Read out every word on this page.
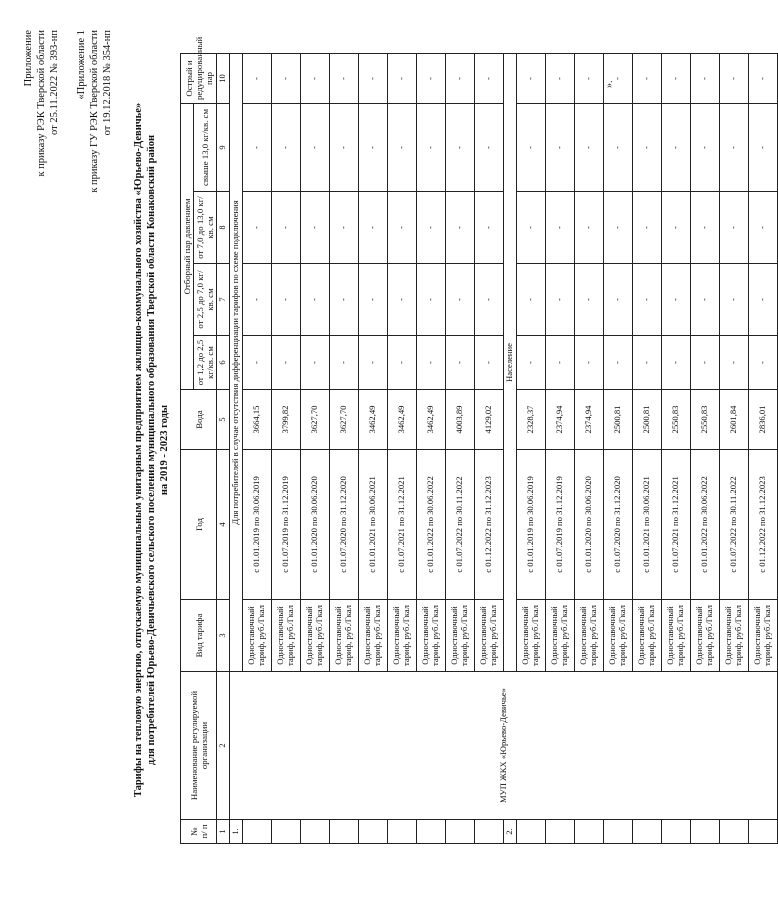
Приложение к приказу РЭК Тверской области от 25.11.2022 № 393-нп «Приложение 1 к приказу ГУ РЭК Тверской области от 19.12.2018 № 354-нп
Тарифы на тепловую энергию, отпускаемую муниципальным унитарным предприятием жилищно-коммунального хозяйства «Юрьево-Девичье» для потребителей Юрьево-Девичьевского сельского поселения муниципального образования Тверской области Конаковский район на 2019 - 2023 годы
№ п/ п	Наименование регулируемой организации	Вид тарифа	Год	Вода	Отборный пар давлением				Острый и редуцированный пар
					от 1,2 до 2,5 кг/кв. см	от 2,5 до 7,0 кг/кв. см	от 7,0 до 13,0 кг/кв. см	свыше 13,0 кг/кв. см	
1	2	3	4	5	6	7	8	9	10
1.	МУП ЖКХ «Юрьево-Девичье»	Для потребителей в случае отсутствия дифференциации тарифов по схеме подключения							
		Одноставочный тариф, руб./Гкал	с 01.01.2019 по 30.06.2019	3664,15	-	-	-	-	-
		Одноставочный тариф, руб./Гкал	с 01.07.2019 по 31.12.2019	3799,82	-	-	-	-	-
		Одноставочный тариф, руб./Гкал	с 01.01.2020 по 30.06.2020	3627,70	-	-	-	-	-
		Одноставочный тариф, руб./Гкал	с 01.07.2020 по 31.12.2020	3627,70	-	-	-	-	-
		Одноставочный тариф, руб./Гкал	с 01.01.2021 по 30.06.2021	3462,49	-	-	-	-	-
		Одноставочный тариф, руб./Гкал	с 01.07.2021 по 31.12.2021	3462,49	-	-	-	-	-
		Одноставочный тариф, руб./Гкал	с 01.01.2022 по 30.06.2022	3462,49	-	-	-	-	-
		Одноставочный тариф, руб./Гкал	с 01.07.2022 по 30.11.2022	4003,89	-	-	-	-	-
		Одноставочный тариф, руб./Гкал	с 01.12.2022 по 31.12.2023	4129,02	-	-	-	-	-
2.		Население							
		Одноставочный тариф, руб./Гкал	с 01.01.2019 по 30.06.2019	2328,37	-	-	-	-	-
		Одноставочный тариф, руб./Гкал	с 01.07.2019 по 31.12.2019	2374,94	-	-	-	-	-
		Одноставочный тариф, руб./Гкал	с 01.01.2020 по 30.06.2020	2374,94	-	-	-	-	-
		Одноставочный тариф, руб./Гкал	с 01.07.2020 по 31.12.2020	2500,81	-	-	-	-	-
		Одноставочный тариф, руб./Гкал	с 01.01.2021 по 30.06.2021	2500,81	-	-	-	-	-
		Одноставочный тариф, руб./Гкал	с 01.07.2021 по 31.12.2021	2550,83	-	-	-	-	-
		Одноставочный тариф, руб./Гкал	с 01.01.2022 по 30.06.2022	2550,83	-	-	-	-	-
		Одноставочный тариф, руб./Гкал	с 01.07.2022 по 30.11.2022	2601,84	-	-	-	-	-
		Одноставочный тариф, руб./Гкал	с 01.12.2022 по 31.12.2023	2836,01	-	-	-	-	-
».
